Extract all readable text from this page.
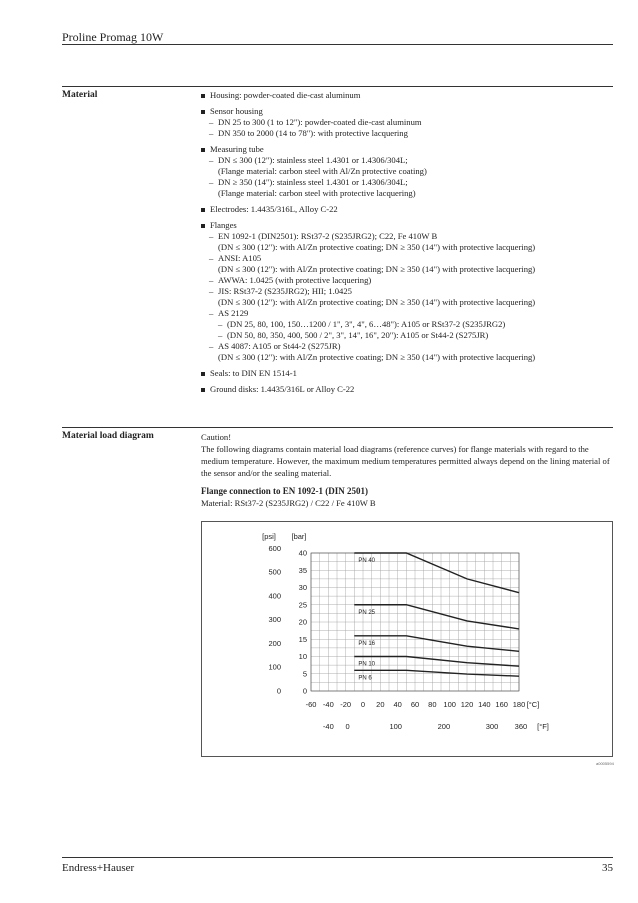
Proline Promag 10W
Material	Housing: powder-coated die-cast aluminum
Sensor housing
– DN 25 to 300 (1 to 12"): powder-coated die-cast aluminum
– DN 350 to 2000 (14 to 78"): with protective lacquering
Measuring tube
– DN ≤ 300 (12"): stainless steel 1.4301 or 1.4306/304L;
(Flange material: carbon steel with Al/Zn protective coating)
– DN ≥ 350 (14"): stainless steel 1.4301 or 1.4306/304L;
(Flange material: carbon steel with protective lacquering)
Electrodes: 1.4435/316L, Alloy C-22
Flanges
– EN 1092-1 (DIN2501): RSt37-2 (S235JRG2); C22, Fe 410W B
(DN ≤ 300 (12"): with Al/Zn protective coating; DN ≥ 350 (14") with protective lacquering)
– ANSI: A105
(DN ≤ 300 (12"): with Al/Zn protective coating; DN ≥ 350 (14") with protective lacquering)
– AWWA: 1.0425 (with protective lacquering)
– JIS: RSt37-2 (S235JRG2); HII; 1.0425
(DN ≤ 300 (12"): with Al/Zn protective coating; DN ≥ 350 (14") with protective lacquering)
– AS 2129
– (DN 25, 80, 100, 150…1200 / 1", 3", 4", 6…48"): A105 or RSt37-2 (S235JRG2)
– (DN 50, 80, 350, 400, 500 / 2", 3", 14", 16", 20"): A105 or St44-2 (S275JR)
– AS 4087: A105 or St44-2 (S275JR)
(DN ≤ 300 (12"): with Al/Zn protective coating; DN ≥ 350 (14") with protective lacquering)
Seals: to DIN EN 1514-1
Ground disks: 1.4435/316L or Alloy C-22
Material load diagram	Caution!
The following diagrams contain material load diagrams (reference curves) for flange materials with regard to the medium temperature. However, the maximum medium temperatures permitted always depend on the lining material of the sensor and/or the sealing material.
Flange connection to EN 1092-1 (DIN 2501)
Material: RSt37-2 (S235JRG2) / C22 / Fe 410W B
0
5
10
15
20
25
30
35
40
0
100
200
300
400
500
600
[bar]
[psi]
-60 -40 -20 0 20 40 60 80 100 120 140 160 180 [°C]
-40 0	100	200	300 360 [°F]
PN 40
PN 25
PN 16
PN 10
PN 6
a0005594
Endress+Hauser	35
